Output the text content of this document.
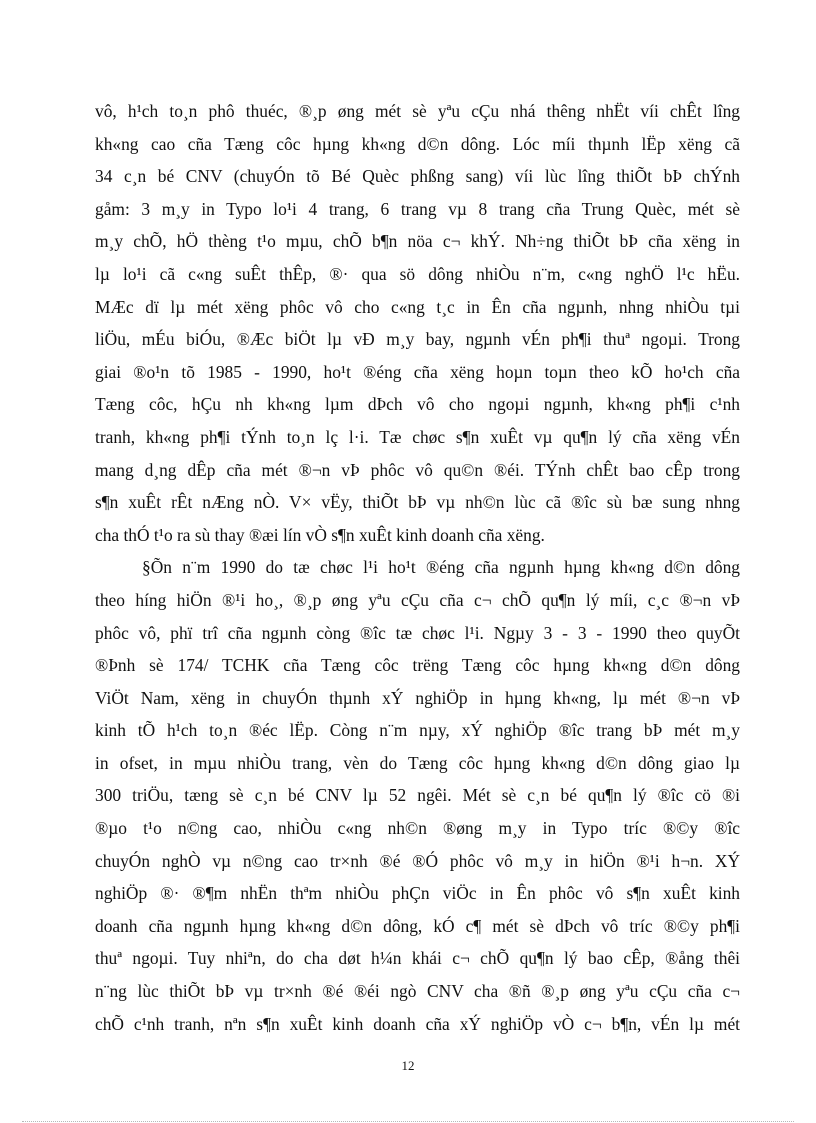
vô, h¹ch to¸n phô thuéc, ®¸p øng mét sè yªu cÇu nhá thêng nhËt víi chÊt lîng
kh«ng cao cña Tæng côc hµng kh«ng d©n dông. Lóc míi thµnh lËp xëng cã
34 c¸n bé CNV (chuyÓn tõ Bé Quèc phßng sang) víi lùc lîng thiÕt bÞ chÝnh
gåm: 3 m¸y in Typo lo¹i 4 trang, 6 trang vµ 8 trang cña Trung Quèc, mét sè
m¸y chÕ, hÖ thèng t¹o mµu, chÕ b¶n nöa c¬ khÝ. Nh÷ng thiÕt bÞ cña xëng in
lµ lo¹i cã c«ng suÊt thÊp, ®· qua sö dông nhiÒu n¨m, c«ng nghÖ l¹c hËu.
MÆc dï lµ mét xëng phôc vô cho c«ng t¸c in Ên cña ngµnh, nhng nhiÒu tµi
liÖu, mÉu biÓu, ®Æc biÖt lµ vÐ m¸y bay, ngµnh vÉn ph¶i thuª ngoµi. Trong
giai ®o¹n tõ 1985 - 1990, ho¹t ®éng cña xëng hoµn toµn theo kÕ ho¹ch cña
Tæng côc, hÇu nh kh«ng lµm dÞch vô cho ngoµi ngµnh, kh«ng ph¶i c¹nh
tranh, kh«ng ph¶i tÝnh to¸n lç l·i. Tæ chøc s¶n xuÊt vµ qu¶n lý cña xëng vÉn
mang d¸ng dÊp cña mét ®¬n vÞ phôc vô qu©n ®éi. TÝnh chÊt bao cÊp trong
s¶n xuÊt rÊt nÆng nÒ. V× vËy, thiÕt bÞ vµ nh©n lùc cã ®îc sù bæ sung nhng
cha thÓ t¹o ra sù thay ®æi lín vÒ s¶n xuÊt kinh doanh cña xëng.
§Õn n¨m 1990 do tæ chøc l¹i ho¹t ®éng cña ngµnh hµng kh«ng d©n dông
theo híng hiÖn ®¹i ho¸, ®¸p øng yªu cÇu cña c¬ chÕ qu¶n lý míi, c¸c ®¬n vÞ
phôc vô, phï trî cña ngµnh còng ®îc tæ chøc l¹i. Ngµy 3 - 3 - 1990 theo quyÕt
®Þnh sè 174/ TCHK cña Tæng côc trëng Tæng côc hµng kh«ng d©n dông
ViÖt Nam, xëng in chuyÓn thµnh xÝ nghiÖp in hµng kh«ng, lµ mét ®¬n vÞ
kinh tÕ h¹ch to¸n ®éc lËp. Còng n¨m nµy, xÝ nghiÖp ®îc trang bÞ mét m¸y
in ofset, in mµu nhiÒu trang, vèn do Tæng côc hµng kh«ng d©n dông giao lµ
300 triÖu, tæng sè c¸n bé CNV lµ 52 ngêi. Mét sè c¸n bé qu¶n lý ®îc cö ®i
®µo t¹o n©ng cao, nhiÒu c«ng nh©n ®øng m¸y in Typo tríc ®©y ®îc
chuyÓn nghÒ vµ n©ng cao tr×nh ®é ®Ó phôc vô m¸y in hiÖn ®¹i h¬n. XÝ
nghiÖp ®· ®¶m nhËn thªm nhiÒu phÇn viÖc in Ên phôc vô s¶n xuÊt kinh
doanh cña ngµnh hµng kh«ng d©n dông, kÓ c¶ mét sè dÞch vô tríc ®©y ph¶i
thuª ngoµi. Tuy nhiªn, do cha døt h¼n khái c¬ chÕ qu¶n lý bao cÊp, ®ång thêi
n¨ng lùc thiÕt bÞ vµ tr×nh ®é ®éi ngò CNV cha ®ñ ®¸p øng yªu cÇu cña c¬
chÕ c¹nh tranh, nªn s¶n xuÊt kinh doanh cña xÝ nghiÖp vÒ c¬ b¶n, vÉn lµ mét
12
